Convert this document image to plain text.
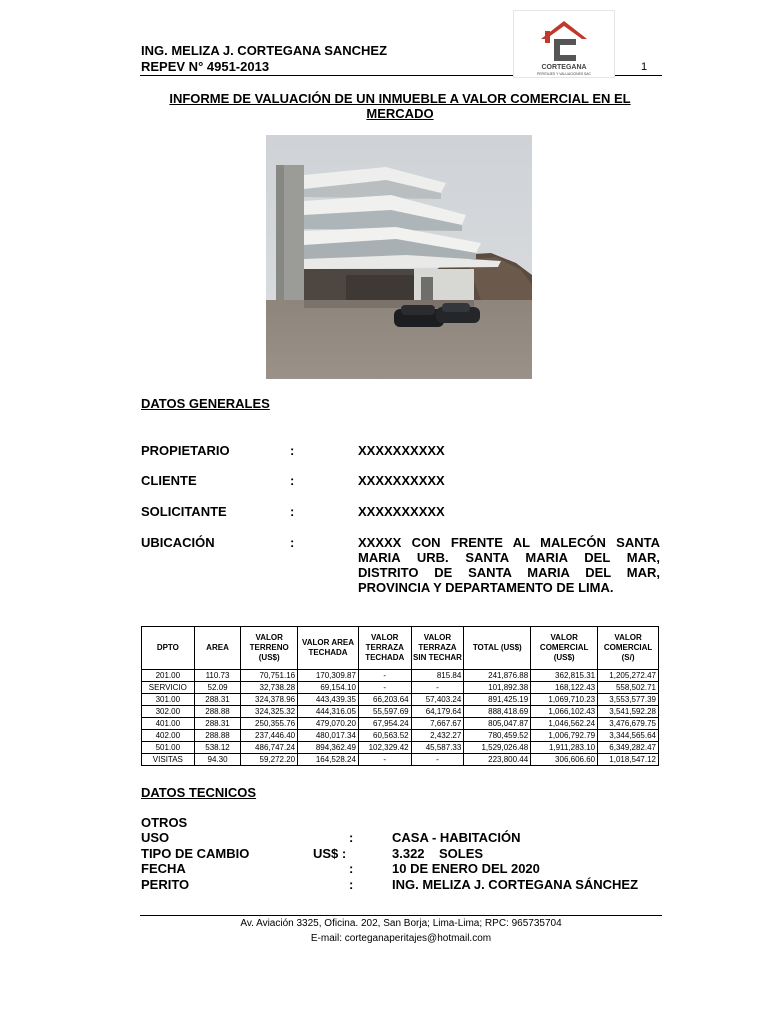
ING. MELIZA J. CORTEGANA SANCHEZ
REPEV N° 4951-2013	1
CORTEGANA
PERITAJES Y VALUACIONES SAC
INFORME DE VALUACIÓN DE UN INMUEBLE A VALOR COMERCIAL EN EL MERCADO
DATOS GENERALES
PROPIETARIO	:	XXXXXXXXXX
CLIENTE	:	XXXXXXXXXX
SOLICITANTE	:	XXXXXXXXXX
UBICACIÓN	:	XXXXX CON FRENTE AL MALECÓN SANTA
MARIA URB. SANTA MARIA DEL MAR,
DISTRITO DE SANTA MARIA DEL MAR,
PROVINCIA Y DEPARTAMENTO DE LIMA.
DPTO	AREA	VALOR TERRENO (US$)	VALOR AREA TECHADA	VALOR TERRAZA TECHADA	VALOR TERRAZA SIN TECHAR	TOTAL (US$)	VALOR COMERCIAL (US$)	VALOR COMERCIAL (S/)
201.00	110.73	70,751.16	170,309.87	-	815.84	241,876.88	362,815.31	1,205,272.47
SERVICIO	52.09	32,738.28	69,154.10	-	-	101,892.38	168,122.43	558,502.71
301.00	288.31	324,378.96	443,439.35	66,203.64	57,403.24	891,425.19	1,069,710.23	3,553,577.39
302.00	288.88	324,325.32	444,316.05	55,597.69	64,179.64	888,418.69	1,066,102.43	3,541,592.28
401.00	288.31	250,355.76	479,070.20	67,954.24	7,667.67	805,047.87	1,046,562.24	3,476,679.75
402.00	288.88	237,446.40	480,017.34	60,563.52	2,432.27	780,459.52	1,006,792.79	3,344,565.64
501.00	538.12	486,747.24	894,362.49	102,329.42	45,587.33	1,529,026.48	1,911,283.10	6,349,282.47
VISITAS	94.30	59,272.20	164,528.24	-	-	223,800.44	306,606.60	1,018,547.12
DATOS TECNICOS
OTROS
USO	:	CASA - HABITACIÓN
TIPO DE CAMBIO	US$ :	3.322    SOLES
FECHA	:	10 DE ENERO DEL 2020
PERITO	:	ING. MELIZA J. CORTEGANA SÁNCHEZ
Av. Aviación 3325, Oficina. 202, San Borja; Lima-Lima; RPC: 965735704
E-mail: cortegana​peritajes@hotmail.com
